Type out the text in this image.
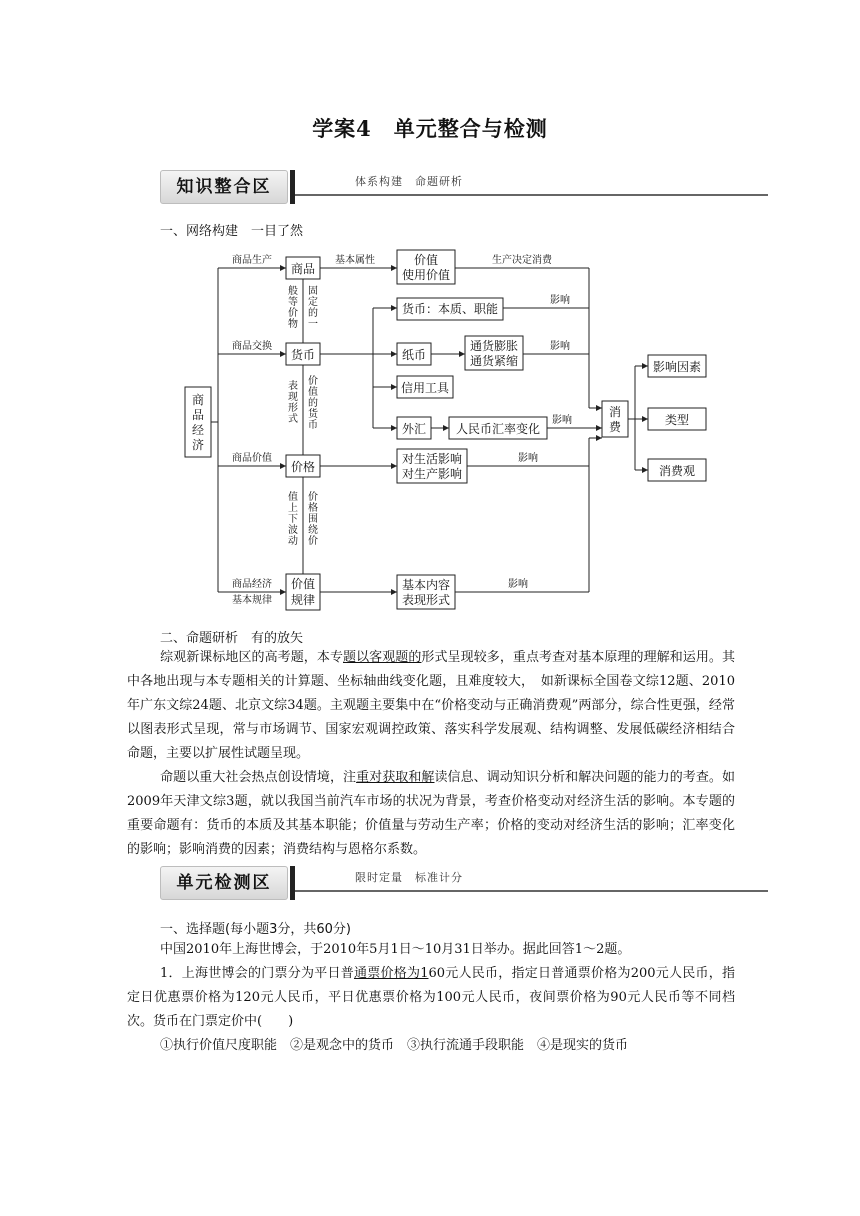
学案4　单元整合与检测
知识整合区	体系构建　命题研析
一、网络构建　一目了然
商
品
经
济
商品
货币
价格
价值
规律
价值
使用价值
货币：本质、职能
纸币
通货膨胀
通货紧缩
信用工具
外汇 人民币汇率变化
对生活影响
对生产影响
基本内容
表现形式
消
费
影响因素
类型
消费观
商品生产
商品交换
商品价值
商品经济
基本规律
基本属性	生产决定消费
影响
影响
影响
影响
影响
般
等
价
物
固
定
的
一
表
现
形
式
价
值
的
货
币
值
上
下
波
动
价
格
围
绕
价
二、命题研析　有的放矢
综观新课标地区的高考题，本专题以客观题的形式呈现较多，重点考查对基本原理的理解和运用。其中各地出现与本专题相关的计算题、坐标轴曲线变化题，且难度较大，　如新课标全国卷文综12题、2010年广东文综24题、北京文综34题。主观题主要集中在“价格变动与正确消费观”两部分，综合性更强，经常以图表形式呈现，常与市场调节、国家宏观调控政策、落实科学发展观、结构调整、发展低碳经济相结合命题，主要以扩展性试题呈现。
命题以重大社会热点创设情境，注重对获取和解读信息、调动知识分析和解决问题的能力的考查。如2009年天津文综3题，就以我国当前汽车市场的状况为背景，考查价格变动对经济生活的影响。本专题的重要命题有：货币的本质及其基本职能；价值量与劳动生产率；价格的变动对经济生活的影响；汇率变化的影响；影响消费的因素；消费结构与恩格尔系数。
单元检测区	限时定量　标准计分
一、选择题(每小题3分，共60分)
中国2010年上海世博会，于2010年5月1日～10月31日举办。据此回答1～2题。
1．上海世博会的门票分为平日普通票价格为160元人民币，指定日普通票价格为200元人民币，指定日优惠票价格为120元人民币，平日优惠票价格为100元人民币，夜间票价格为90元人民币等不同档次。货币在门票定价中(　　)
①执行价值尺度职能　②是观念中的货币　③执行流通手段职能　④是现实的货币
